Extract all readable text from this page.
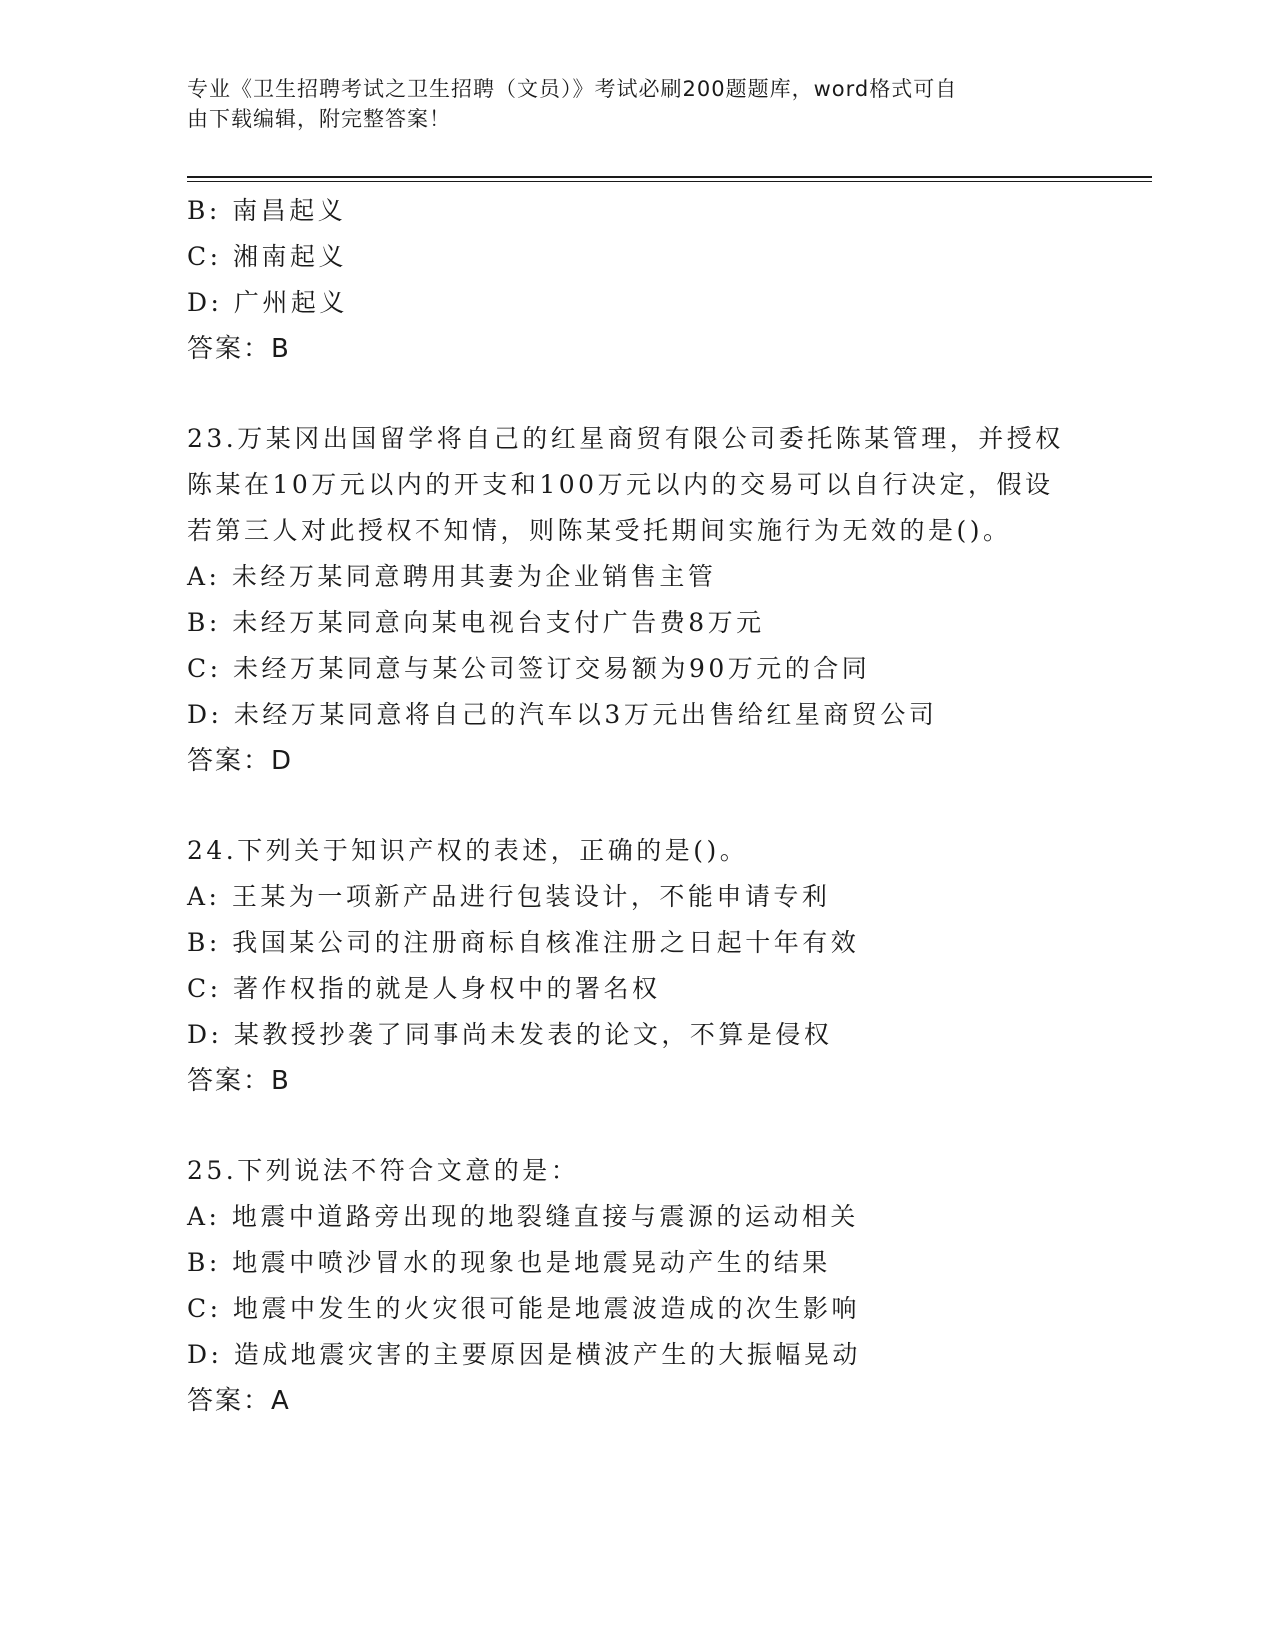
专业《卫生招聘考试之卫生招聘（文员）》考试必刷200题题库，word格式可自
由下载编辑，附完整答案！
B: 南昌起义
C: 湘南起义
D: 广州起义
答案：B
23.万某冈出国留学将自己的红星商贸有限公司委托陈某管理，并授权
陈某在10万元以内的开支和100万元以内的交易可以自行决定，假设
若第三人对此授权不知情，则陈某受托期间实施行为无效的是()。
A: 未经万某同意聘用其妻为企业销售主管
B: 未经万某同意向某电视台支付广告费8万元
C: 未经万某同意与某公司签订交易额为90万元的合同
D: 未经万某同意将自己的汽车以3万元出售给红星商贸公司
答案：D
24.下列关于知识产权的表述，正确的是()。
A: 王某为一项新产品进行包装设计，不能申请专利
B: 我国某公司的注册商标自核准注册之日起十年有效
C: 著作权指的就是人身权中的署名权
D: 某教授抄袭了同事尚未发表的论文，不算是侵权
答案：B
25.下列说法不符合文意的是：
A: 地震中道路旁出现的地裂缝直接与震源的运动相关
B: 地震中喷沙冒水的现象也是地震晃动产生的结果
C: 地震中发生的火灾很可能是地震波造成的次生影响
D: 造成地震灾害的主要原因是横波产生的大振幅晃动
答案：A
